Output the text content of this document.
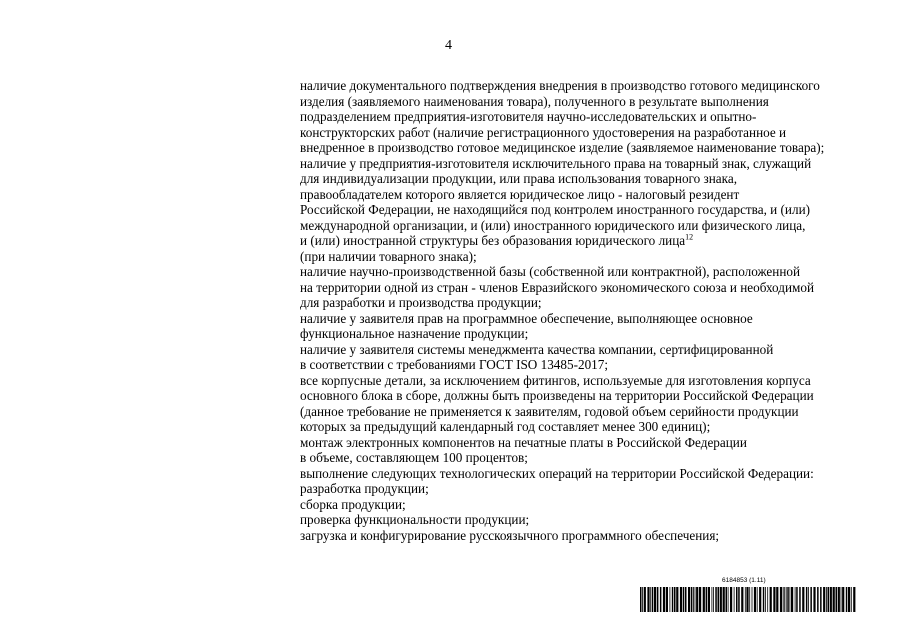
4
наличие документального подтверждения внедрения в производство готового медицинского
изделия (заявляемого наименования товара), полученного в результате выполнения
подразделением предприятия-изготовителя научно-исследовательских и опытно-
конструкторских работ (наличие регистрационного удостоверения на разработанное и
внедренное в производство готовое медицинское изделие (заявляемое наименование товара);
наличие у предприятия-изготовителя исключительного права на товарный знак, служащий
для индивидуализации продукции, или права использования товарного знака,
правообладателем которого является юридическое лицо - налоговый резидент
Российской Федерации, не находящийся под контролем иностранного государства, и (или)
международной организации, и (или) иностранного юридического или физического лица,
и (или) иностранной структуры без образования юридического лица$^{12}$
(при наличии товарного знака);
наличие научно-производственной базы (собственной или контрактной), расположенной
на территории одной из стран - членов Евразийского экономического союза и необходимой
для разработки и производства продукции;
наличие у заявителя прав на программное обеспечение, выполняющее основное
функциональное назначение продукции;
наличие у заявителя системы менеджмента качества компании, сертифицированной
в соответствии с требованиями ГОСТ ISO 13485-2017;
все корпусные детали, за исключением фитингов, используемые для изготовления корпуса
основного блока в сборе, должны быть произведены на территории Российской Федерации
(данное требование не применяется к заявителям, годовой объем серийности продукции
которых за предыдущий календарный год составляет менее 300 единиц);
монтаж электронных компонентов на печатные платы в Российской Федерации
в объеме, составляющем 100 процентов;
выполнение следующих технологических операций на территории Российской Федерации:
разработка продукции;
сборка продукции;
проверка функциональности продукции;
загрузка и конфигурирование русскоязычного программного обеспечения;
6184853 (1.11)
